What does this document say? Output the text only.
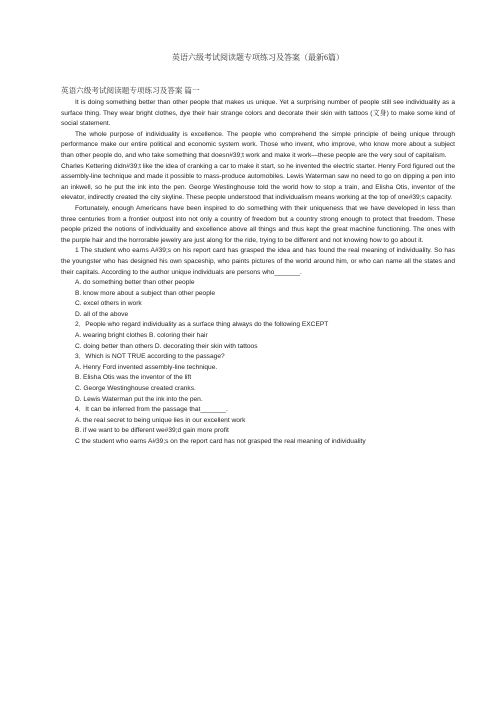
英语六级考试阅读题专项练习及答案（最新6篇）
英语六级考试阅读题专项练习及答案 篇一

It is doing something better than other people that makes us unique. Yet a surprising number of people still see individuality as a surface thing. They wear bright clothes, dye their hair strange colors and decorate their skin with tattoos (文身) to make some kind of social statement.

The whole purpose of individuality is excellence. The people who comprehend the simple principle of being unique through performance make our entire political and economic system work. Those who invent, who improve, who know more about a subject than other people do, and who take something that doesn#39;t work and make it work—these people are the very soul of capitalism.

Charles Kettering didn#39;t like the idea of cranking a car to make it start, so he invented the electric starter. Henry Ford figured out the assembly-line technique and made it possible to mass-produce automobiles. Lewis Waterman saw no need to go on dipping a pen into an inkwell, so he put the ink into the pen. George Westinghouse told the world how to stop a train, and Elisha Otis, inventor of the elevator, indirectly created the city skyline. These people understood that individualism means working at the top of one#39;s capacity.

Fortunately, enough Americans have been inspired to do something with their uniqueness that we have developed in less than three centuries from a frontier outpost into not only a country of freedom but a country strong enough to protect that freedom. These people prized the notions of individuality and excellence above all things and thus kept the great machine functioning. The ones with the purple hair and the horrorable jewelry are just along for the ride, trying to be different and not knowing how to go about it.

1 The student who earns A#39;s on his report card has grasped the idea and has found the real meaning of individuality. So has the youngster who has designed his own spaceship, who paints pictures of the world around him, or who can name all the states and their capitals. According to the author unique individuals are persons who_______.

A. do something better than other people

B. know more about a subject than other people

C. excel others in work

D. all of the above

2．People who regard individuality as a surface thing always do the following EXCEPT

A. wearing bright clothes B. coloring their hair

C. doing better than others D. decorating their skin with tattoos

3．Which is NOT TRUE according to the passage?

A. Henry Ford invented assembly-line technique.

B. Elisha Otis was the inventor of the lift

C. George Westinghouse created cranks.

D. Lewis Waterman put the ink into the pen.

4．It can be inferred from the passage that_______.

A. the real secret to being unique lies in our excellent work

B. if we want to be different we#39;d gain more profit

C the student who earns A#39;s on the report card has not grasped the real meaning of individuality
